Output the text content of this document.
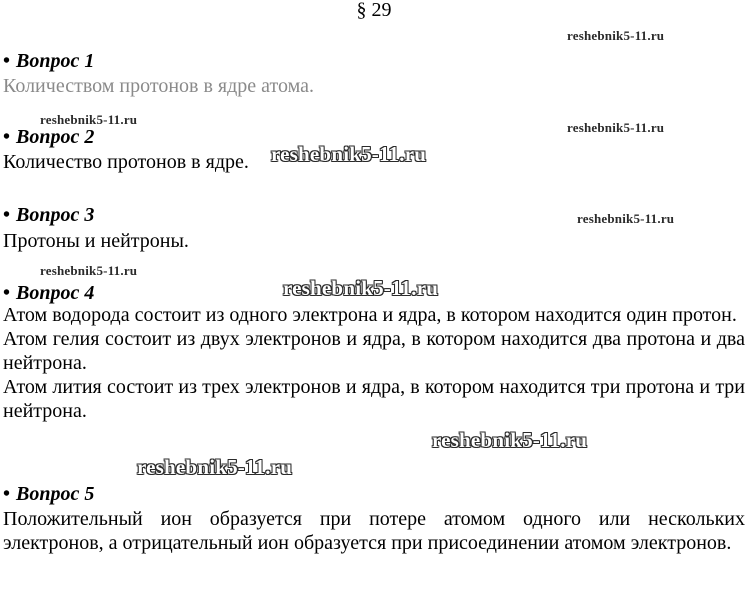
§ 29
• Вопрос 1
Количеством протонов в ядре атома.
• Вопрос 2
Количество протонов в ядре.
• Вопрос 3
Протоны и нейтроны.
• Вопрос 4

Атом водорода состоит из одного электрона и ядра, в котором находится один протон.

Атом гелия состоит из двух электронов и ядра, в котором находится два протона и два нейтрона.

Атом лития состоит из трех электронов и ядра, в котором находится три протона и три нейтрона.

• Вопрос 5

Положительный ион образуется при потере атомом одного или нескольких электронов, а отрицательный ион образуется при присоединении атомом электронов.

reshebnik5-11.ru
reshebnik5-11.ru
reshebnik5-11.ru
reshebnik5-11.ru
reshebnik5-11.ru
reshebnik5-11.ru
reshebnik5-11.ru
reshebnik5-11.ru
reshebnik5-11.ru
